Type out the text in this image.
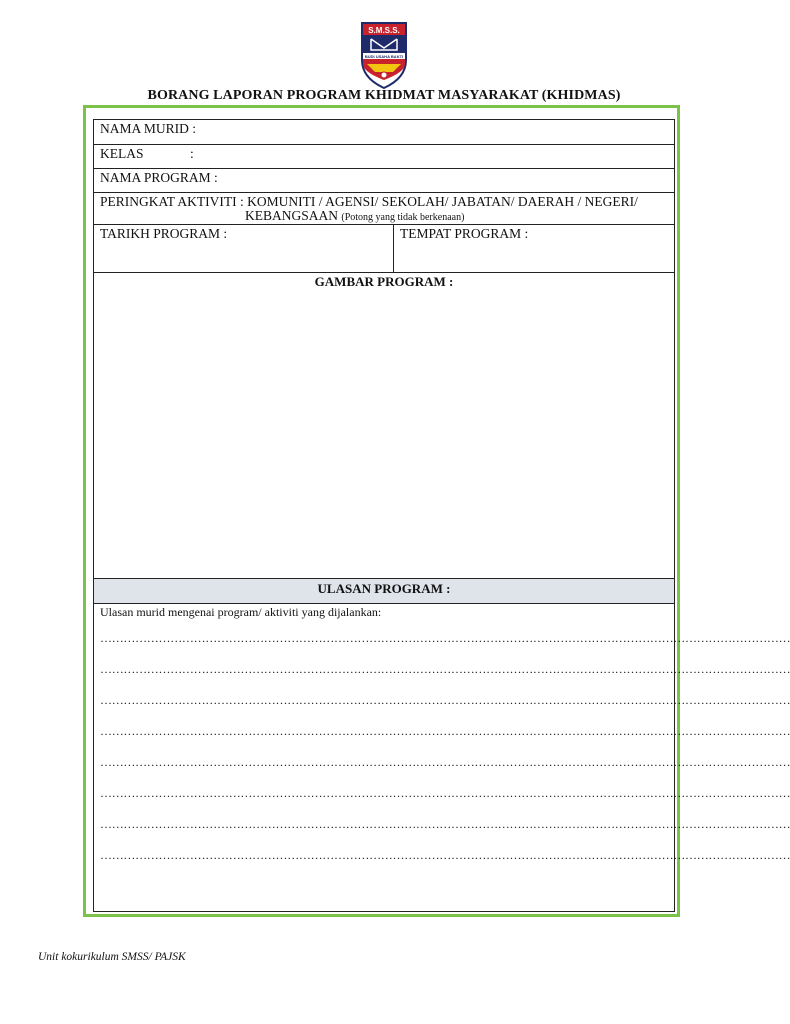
S.M.S.S.
BUDI USAHA BAKTI
BORANG LAPORAN PROGRAM KHIDMAT MASYARAKAT (KHIDMAS)
NAMA MURID :
KELAS	:
NAMA PROGRAM :
PERINGKAT AKTIVITI : KOMUNITI / AGENSI/ SEKOLAH/ JABATAN/ DAERAH / NEGERI/
KEBANGSAAN (Potong yang tidak berkenaan)
TARIKH PROGRAM :	TEMPAT PROGRAM :
GAMBAR PROGRAM :
ULASAN PROGRAM :
Ulasan murid mengenai program/ aktiviti yang dijalankan:
……………………………………………………………………………………………………………………………………………………………
……………………………………………………………………………………………………………………………………………………………
……………………………………………………………………………………………………………………………………………………………
……………………………………………………………………………………………………………………………………………………………
……………………………………………………………………………………………………………………………………………………………
……………………………………………………………………………………………………………………………………………………………
……………………………………………………………………………………………………………………………………………………………
……………………………………………………………………………………………………………………………………………………………
Unit kokurikulum SMSS/ PAJSK
